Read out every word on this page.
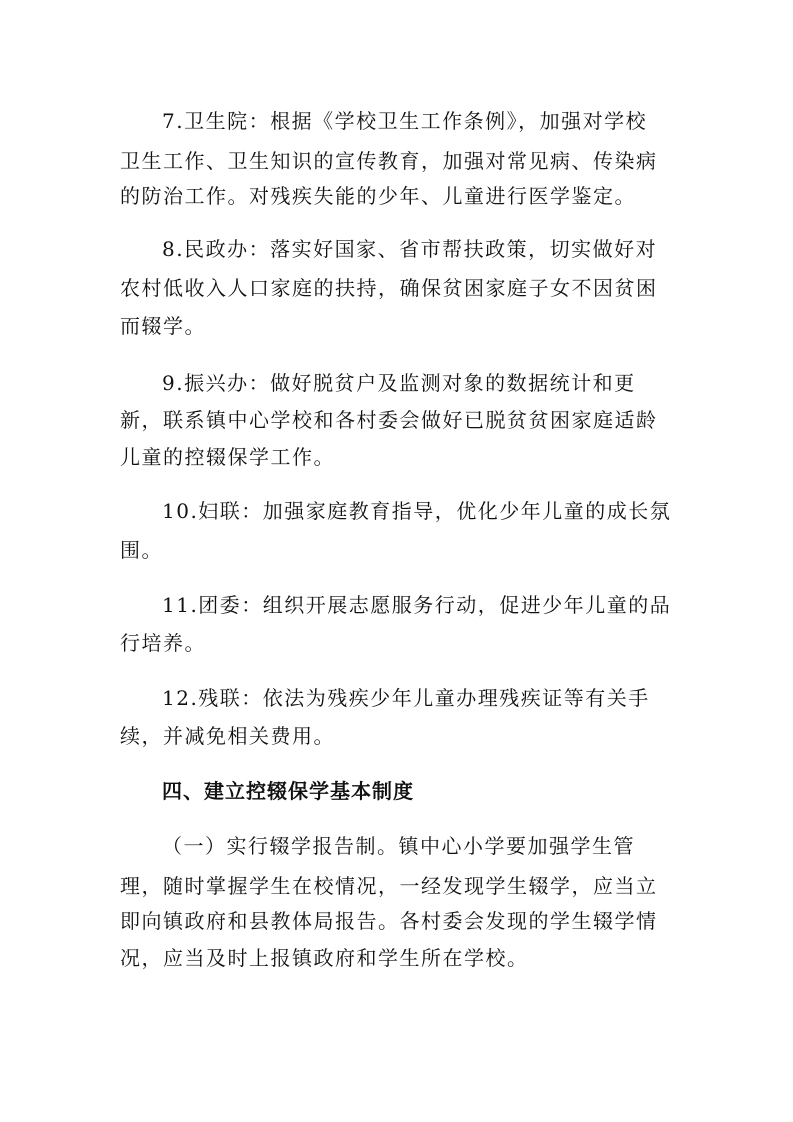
7.卫生院：根据《学校卫生工作条例》，加强对学校
卫生工作、卫生知识的宣传教育，加强对常见病、传染病
的防治工作。对残疾失能的少年、儿童进行医学鉴定。
8.民政办：落实好国家、省市帮扶政策，切实做好对
农村低收入人口家庭的扶持，确保贫困家庭子女不因贫困
而辍学。
9.振兴办：做好脱贫户及监测对象的数据统计和更
新，联系镇中心学校和各村委会做好已脱贫贫困家庭适龄
儿童的控辍保学工作。
10.妇联：加强家庭教育指导，优化少年儿童的成长氛
围。
11.团委：组织开展志愿服务行动，促进少年儿童的品
行培养。
12.残联：依法为残疾少年儿童办理残疾证等有关手
续，并减免相关费用。
四、建立控辍保学基本制度
（一）实行辍学报告制。镇中心小学要加强学生管
理，随时掌握学生在校情况，一经发现学生辍学，应当立
即向镇政府和县教体局报告。各村委会发现的学生辍学情
况，应当及时上报镇政府和学生所在学校。
